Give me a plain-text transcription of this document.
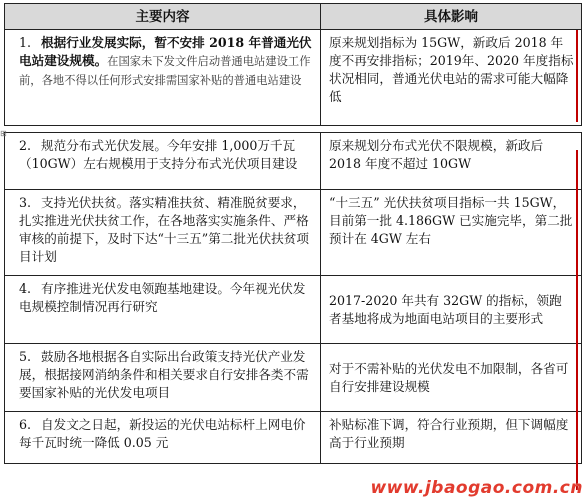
主要内容	具体影响
1. 根据行业发展实际，暂不安排 2018 年普通光伏电站建设规模。在国家未下发文件启动普通电站建设工作前，各地不得以任何形式安排需国家补贴的普通电站建设	原来规划指标为 15GW，新政后 2018 年度不再安排指标；2019年、2020 年度指标状况相同，普通光伏电站的需求可能大幅降低

2. 规范分布式光伏发展。今年安排 1,000万千瓦（10GW）左右规模用于支持分布式光伏项目建设	原来规划分布式光伏不限规模，新政后 2018 年度不超过 10GW
3. 支持光伏扶贫。落实精准扶贫、精准脱贫要求，扎实推进光伏扶贫工作，在各地落实实施条件、严格审核的前提下，及时下达“十三五”第二批光伏扶贫项目计划	“十三五” 光伏扶贫项目指标一共 15GW，目前第一批 4.186GW 已实施完毕，第二批预计在 4GW 左右
4. 有序推进光伏发电领跑基地建设。今年视光伏发电规模控制情况再行研究	2017-2020 年共有 32GW 的指标，领跑者基地将成为地面电站项目的主要形式
5. 鼓励各地根据各自实际出台政策支持光伏产业发展，根据接网消纳条件和相关要求自行安排各类不需要国家补贴的光伏发电项目	对于不需补贴的光伏发电不加限制，各省可自行安排建设规模
6. 自发文之日起，新投运的光伏电站标杆上网电价每千瓦时统一降低 0.05 元	补贴标准下调，符合行业预期，但下调幅度高于行业预期
⊞
www.jbaogao.com.cn
